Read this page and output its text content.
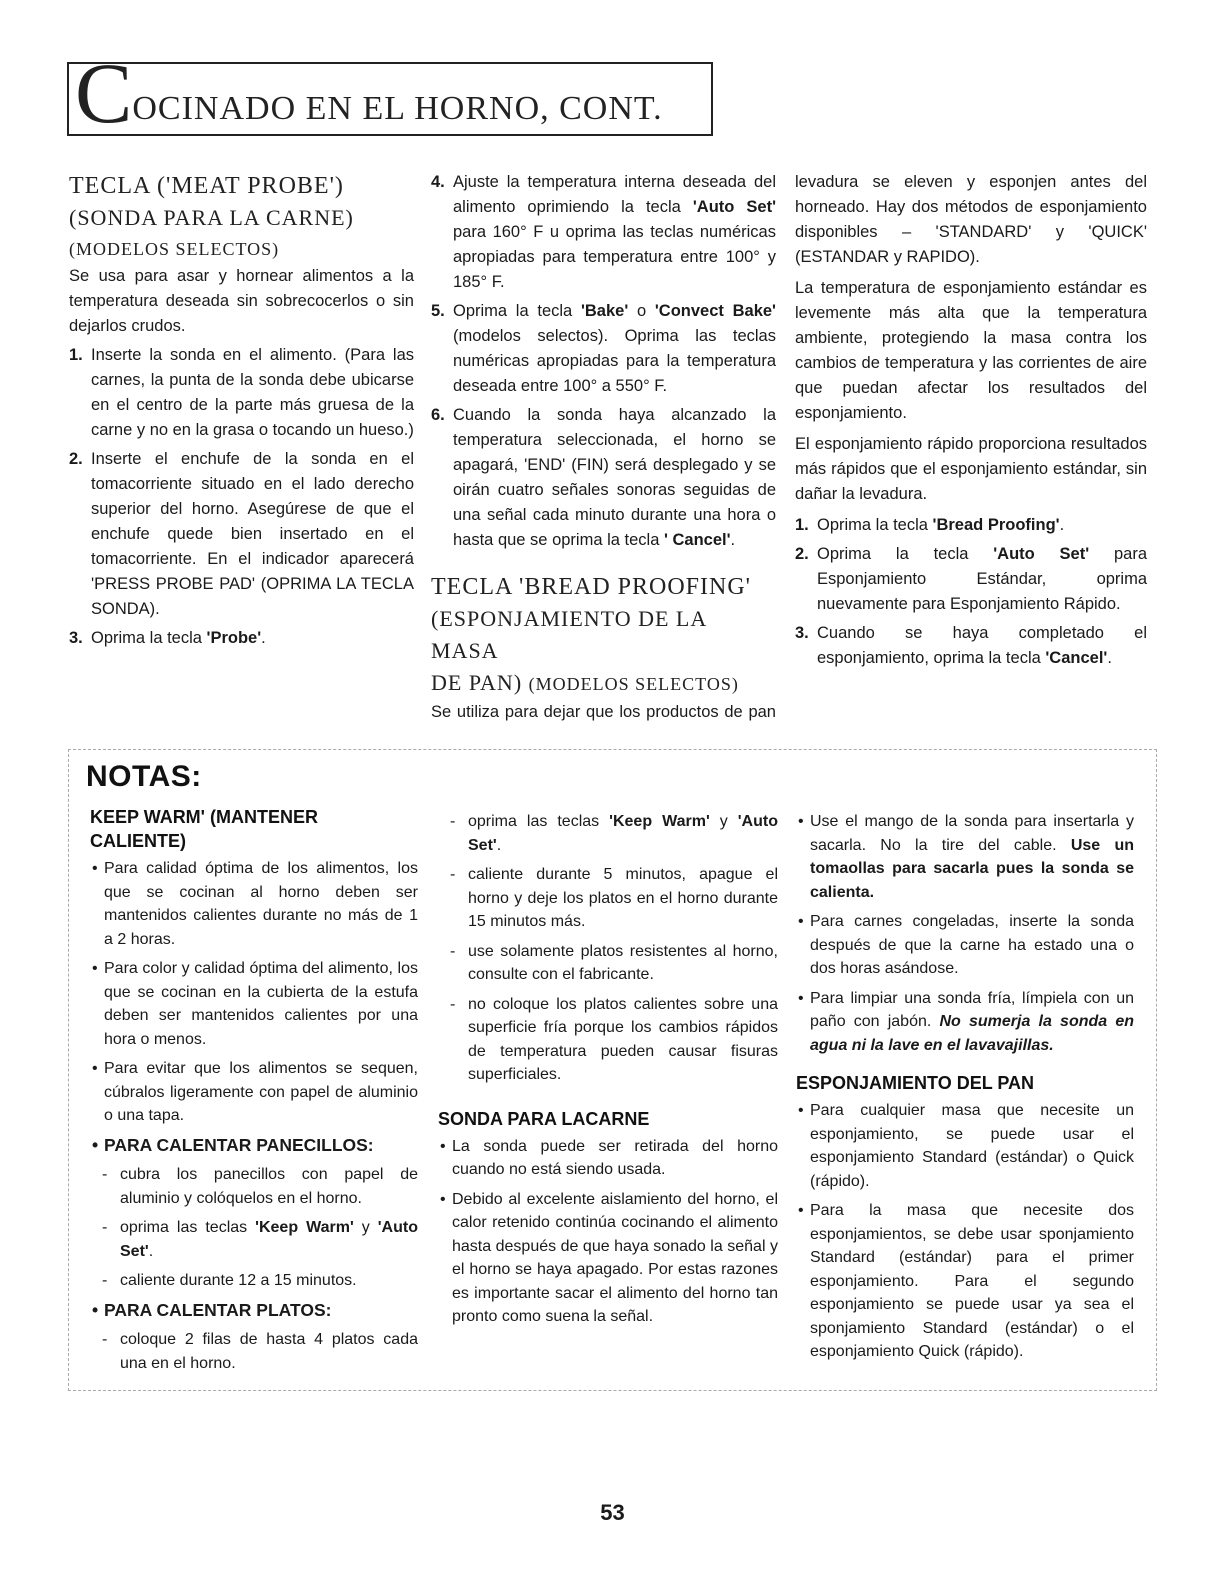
C OCINADO EN EL HORNO, CONT.
TECLA ('MEAT PROBE')
(SONDA PARA LA CARNE)
(MODELOS SELECTOS)

Se usa para asar y hornear alimentos a la temperatura deseada sin sobrecocerlos o sin dejarlos crudos.

1. Inserte la sonda en el alimento. (Para las carnes, la punta de la sonda debe ubicarse en el centro de la parte más gruesa de la carne y no en la grasa o tocando un hueso.)
2. Inserte el enchufe de la sonda en el tomacorriente situado en el lado derecho superior del horno. Asegúrese de que el enchufe quede bien insertado en el tomacorriente. En el indicador aparecerá 'PRESS PROBE PAD' (OPRIMA LA TECLA SONDA).
3. Oprima la tecla 'Probe'.
4. Ajuste la temperatura interna deseada del alimento oprimiendo la tecla 'Auto Set' para 160° F u oprima las teclas numéricas apropiadas para temperatura entre 100° y 185° F.
5. Oprima la tecla 'Bake' o 'Convect Bake' (modelos selectos). Oprima las teclas numéricas apropiadas para la temperatura deseada entre 100° a 550° F.
6. Cuando la sonda haya alcanzado la temperatura seleccionada, el horno se apagará, 'END' (FIN) será desplegado y se oirán cuatro señales sonoras seguidas de una señal cada minuto durante una hora o hasta que se oprima la tecla ' Cancel'.
TECLA 'BREAD PROOFING'
(ESPONJAMIENTO DE LA MASA
DE PAN) (MODELOS SELECTOS)

Se utiliza para dejar que los productos de pan

levadura se eleven y esponjen antes del horneado. Hay dos métodos de esponjamiento disponibles – 'STANDARD' y 'QUICK' (ESTANDAR y RAPIDO).

La temperatura de esponjamiento estándar es levemente más alta que la temperatura ambiente, protegiendo la masa contra los cambios de temperatura y las corrientes de aire que puedan afectar los resultados del esponjamiento.

El esponjamiento rápido proporciona resultados más rápidos que el esponjamiento estándar, sin dañar la levadura.

1. Oprima la tecla 'Bread Proofing'.
2. Oprima la tecla 'Auto Set' para Esponjamiento Estándar, oprima nuevamente para Esponjamiento Rápido.
3. Cuando se haya completado el esponjamiento, oprima la tecla 'Cancel'.
NOTAS:
KEEP WARM' (MANTENER CALIENTE)
• Para calidad óptima de los alimentos, los que se cocinan al horno deben ser mantenidos calientes durante no más de 1 a 2 horas.
• Para color y calidad óptima del alimento, los que se cocinan en la cubierta de la estufa deben ser mantenidos calientes por una hora o menos.
• Para evitar que los alimentos se sequen, cúbralos ligeramente con papel de aluminio o una tapa.
• PARA CALENTAR PANECILLOS:
- cubra los panecillos con papel de aluminio y colóquelos en el horno.
- oprima las teclas 'Keep Warm' y 'Auto Set'.
- caliente durante 12 a 15 minutos.
• PARA CALENTAR PLATOS:
- coloque 2 filas de hasta 4 platos cada una en el horno.
- oprima las teclas 'Keep Warm' y 'Auto Set'.
- caliente durante 5 minutos, apague el horno y deje los platos en el horno durante 15 minutos más.
- use solamente platos resistentes al horno, consulte con el fabricante.
- no coloque los platos calientes sobre una superficie fría porque los cambios rápidos de temperatura pueden causar fisuras superficiales.
SONDA PARA LACARNE
• La sonda puede ser retirada del horno cuando no está siendo usada.
• Debido al excelente aislamiento del horno, el calor retenido continúa cocinando el alimento hasta después de que haya sonado la señal y el horno se haya apagado. Por estas razones es importante sacar el alimento del horno tan pronto como suena la señal.
• Use el mango de la sonda para insertarla y sacarla. No la tire del cable. Use un tomaollas para sacarla pues la sonda se calienta.
• Para carnes congeladas, inserte la sonda después de que la carne ha estado una o dos horas asándose.
• Para limpiar una sonda fría, límpiela con un paño con jabón. No sumerja la sonda en agua ni la lave en el lavavajillas.
ESPONJAMIENTO DEL PAN
• Para cualquier masa que necesite un esponjamiento, se puede usar el esponjamiento Standard (estándar) o Quick (rápido).
• Para la masa que necesite dos esponjamientos, se debe usar sponjamiento Standard (estándar) para el primer esponjamiento. Para el segundo esponjamiento se puede usar ya sea el sponjamiento Standard (estándar) o el esponjamiento Quick (rápido).
53
